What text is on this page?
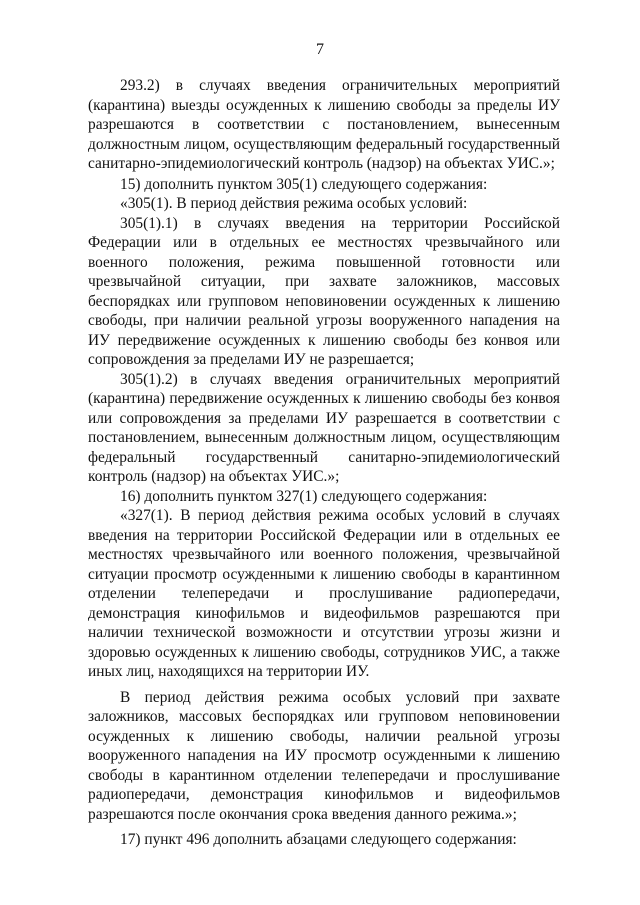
7

293.2) в случаях введения ограничительных мероприятий (карантина) выезды осужденных к лишению свободы за пределы ИУ разрешаются в соответствии с постановлением, вынесенным должностным лицом, осуществляющим федеральный государственный санитарно-эпидемиологический контроль (надзор) на объектах УИС.»;

15) дополнить пунктом 305(1) следующего содержания:

«305(1). В период действия режима особых условий:

305(1).1) в случаях введения на территории Российской Федерации или в отдельных ее местностях чрезвычайного или военного положения, режима повышенной готовности или чрезвычайной ситуации, при захвате заложников, массовых беспорядках или групповом неповиновении осужденных к лишению свободы, при наличии реальной угрозы вооруженного нападения на ИУ передвижение осужденных к лишению свободы без конвоя или сопровождения за пределами ИУ не разрешается;

305(1).2) в случаях введения ограничительных мероприятий (карантина) передвижение осужденных к лишению свободы без конвоя или сопровождения за пределами ИУ разрешается в соответствии с постановлением, вынесенным должностным лицом, осуществляющим федеральный государственный санитарно-эпидемиологический контроль (надзор) на объектах УИС.»;

16) дополнить пунктом 327(1) следующего содержания:

«327(1). В период действия режима особых условий в случаях введения на территории Российской Федерации или в отдельных ее местностях чрезвычайного или военного положения, чрезвычайной ситуации просмотр осужденными к лишению свободы в карантинном отделении телепередачи и прослушивание радиопередачи, демонстрация кинофильмов и видеофильмов разрешаются при наличии технической возможности и отсутствии угрозы жизни и здоровью осужденных к лишению свободы, сотрудников УИС, а также иных лиц, находящихся на территории ИУ.

В период действия режима особых условий при захвате заложников, массовых беспорядках или групповом неповиновении осужденных к лишению свободы, наличии реальной угрозы вооруженного нападения на ИУ просмотр осужденными к лишению свободы в карантинном отделении телепередачи и прослушивание радиопередачи, демонстрация кинофильмов и видеофильмов разрешаются после окончания срока введения данного режима.»;

17) пункт 496 дополнить абзацами следующего содержания:
